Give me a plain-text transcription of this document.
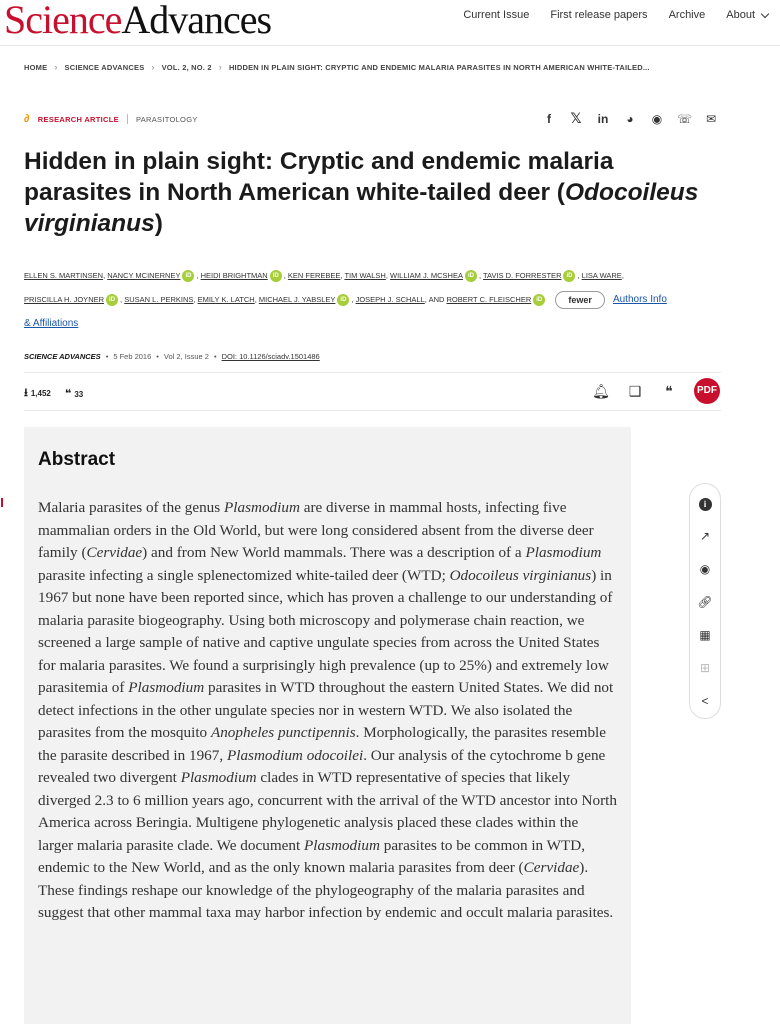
ScienceAdvances	Current Issue First release papers Archive About
HOME › SCIENCE ADVANCES › VOL. 2, NO. 2 › HIDDEN IN PLAIN SIGHT: CRYPTIC AND ENDEMIC MALARIA PARASITES IN NORTH AMERICAN WHITE-TAILED...
∂ RESEARCH ARTICLE PARASITOLOGY	f	𝕏 in ◕ ◉ ☏ ✉
Hidden in plain sight: Cryptic and endemic malaria parasites in North American white-tailed deer (Odocoileus virginianus)
ELLEN S. MARTINSEN, NANCY MCINERNEY iD , HEIDI BRIGHTMAN iD , KEN FEREBEE, TIM WALSH, WILLIAM J. MCSHEA iD , TAVIS D. FORRESTER iD , LISA WARE,
PRISCILLA H. JOYNER iD , SUSAN L. PERKINS, EMILY K. LATCH, MICHAEL J. YABSLEY iD , JOSEPH J. SCHALL, AND ROBERT C. FLEISCHER iD	fewer Authors Info
& Affiliations
SCIENCE ADVANCES • 5 Feb 2016 • Vol 2, Issue 2 • DOI: 10.1126/sciadv.1501486
⭳ 1,452 ❝ 33	🔔︎ ❑	❝	PDF
Abstract

Malaria parasites of the genus Plasmodium are diverse in mammal hosts, infecting five mammalian orders in the Old World, but were long considered absent from the diverse deer family (Cervidae) and from New World mammals. There was a description of a Plasmodium parasite infecting a single splenectomized white-tailed deer (WTD; Odocoileus virginianus) in 1967 but none have been reported since, which has proven a challenge to our understanding of malaria parasite biogeography. Using both microscopy and polymerase chain reaction, we screened a large sample of native and captive ungulate species from across the United States for malaria parasites. We found a surprisingly high prevalence (up to 25%) and extremely low parasitemia of Plasmodium parasites in WTD throughout the eastern United States. We did not detect infections in the other ungulate species nor in western WTD. We also isolated the parasites from the mosquito Anopheles punctipennis. Morphologically, the parasites resemble the parasite described in 1967, Plasmodium odocoilei. Our analysis of the cytochrome b gene revealed two divergent Plasmodium clades in WTD representative of species that likely diverged 2.3 to 6 million years ago, concurrent with the arrival of the WTD ancestor into North America across Beringia. Multigene phylogenetic analysis placed these clades within the larger malaria parasite clade. We document Plasmodium parasites to be common in WTD, endemic to the New World, and as the only known malaria parasites from deer (Cervidae). These findings reshape our knowledge of the phylogeography of the malaria parasites and suggest that other mammal taxa may harbor infection by endemic and occult malaria parasites.

i
↗
◉
🔗︎
▦
⊞
<
